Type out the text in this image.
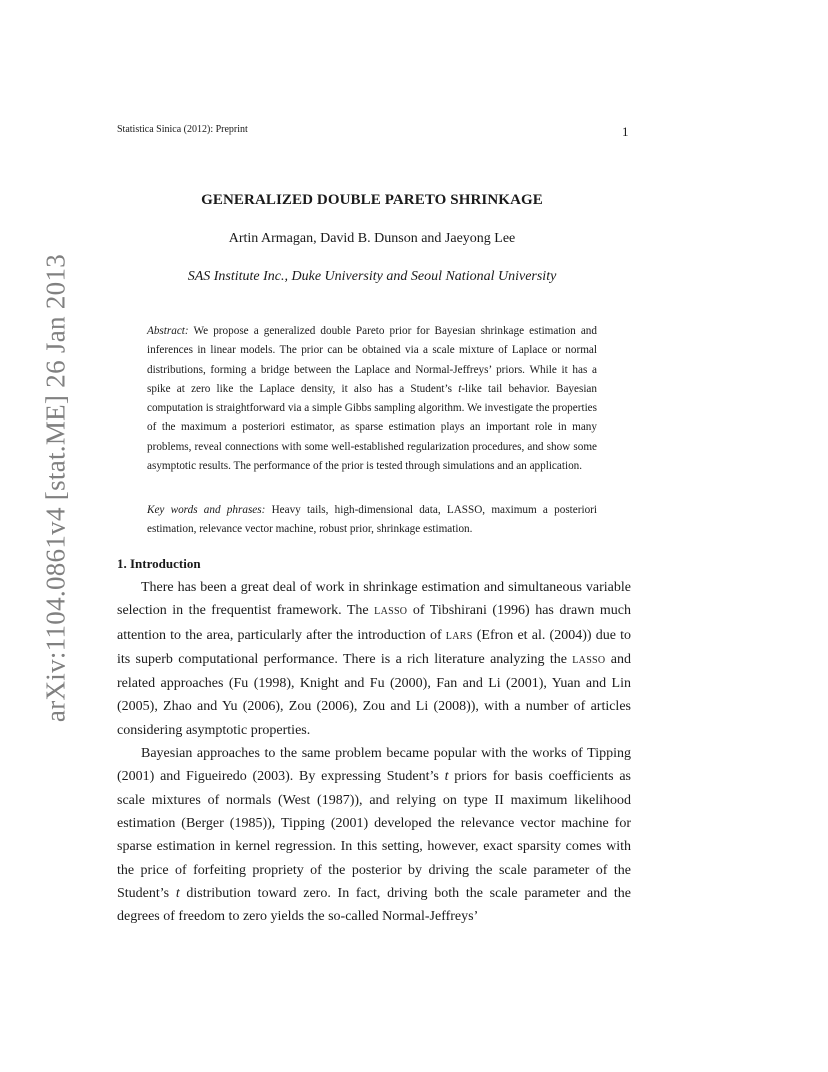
arXiv:1104.0861v4 [stat.ME] 26 Jan 2013
Statistica Sinica (2012): Preprint	1
GENERALIZED DOUBLE PARETO SHRINKAGE
Artin Armagan, David B. Dunson and Jaeyong Lee
SAS Institute Inc., Duke University and Seoul National University
Abstract: We propose a generalized double Pareto prior for Bayesian shrinkage estimation and inferences in linear models. The prior can be obtained via a scale mixture of Laplace or normal distributions, forming a bridge between the Laplace and Normal-Jeffreys’ priors. While it has a spike at zero like the Laplace density, it also has a Student’s t-like tail behavior. Bayesian computation is straightforward via a simple Gibbs sampling algorithm. We investigate the properties of the maximum a posteriori estimator, as sparse estimation plays an important role in many problems, reveal connections with some well-established regularization procedures, and show some asymptotic results. The performance of the prior is tested through simulations and an application.
Key words and phrases: Heavy tails, high-dimensional data, LASSO, maximum a posteriori estimation, relevance vector machine, robust prior, shrinkage estimation.
1. Introduction

There has been a great deal of work in shrinkage estimation and simultaneous variable selection in the frequentist framework. The LASSO of Tibshirani (1996) has drawn much attention to the area, particularly after the introduction of LARS (Efron et al. (2004)) due to its superb computational performance. There is a rich literature analyzing the LASSO and related approaches (Fu (1998), Knight and Fu (2000), Fan and Li (2001), Yuan and Lin (2005), Zhao and Yu (2006), Zou (2006), Zou and Li (2008)), with a number of articles considering asymptotic properties.

Bayesian approaches to the same problem became popular with the works of Tipping (2001) and Figueiredo (2003). By expressing Student’s t priors for basis coefficients as scale mixtures of normals (West (1987)), and relying on type II maximum likelihood estimation (Berger (1985)), Tipping (2001) developed the relevance vector machine for sparse estimation in kernel regression. In this setting, however, exact sparsity comes with the price of forfeiting propriety of the posterior by driving the scale parameter of the Student’s t distribution toward zero. In fact, driving both the scale parameter and the degrees of freedom to zero yields the so-called Normal-Jeffreys’
